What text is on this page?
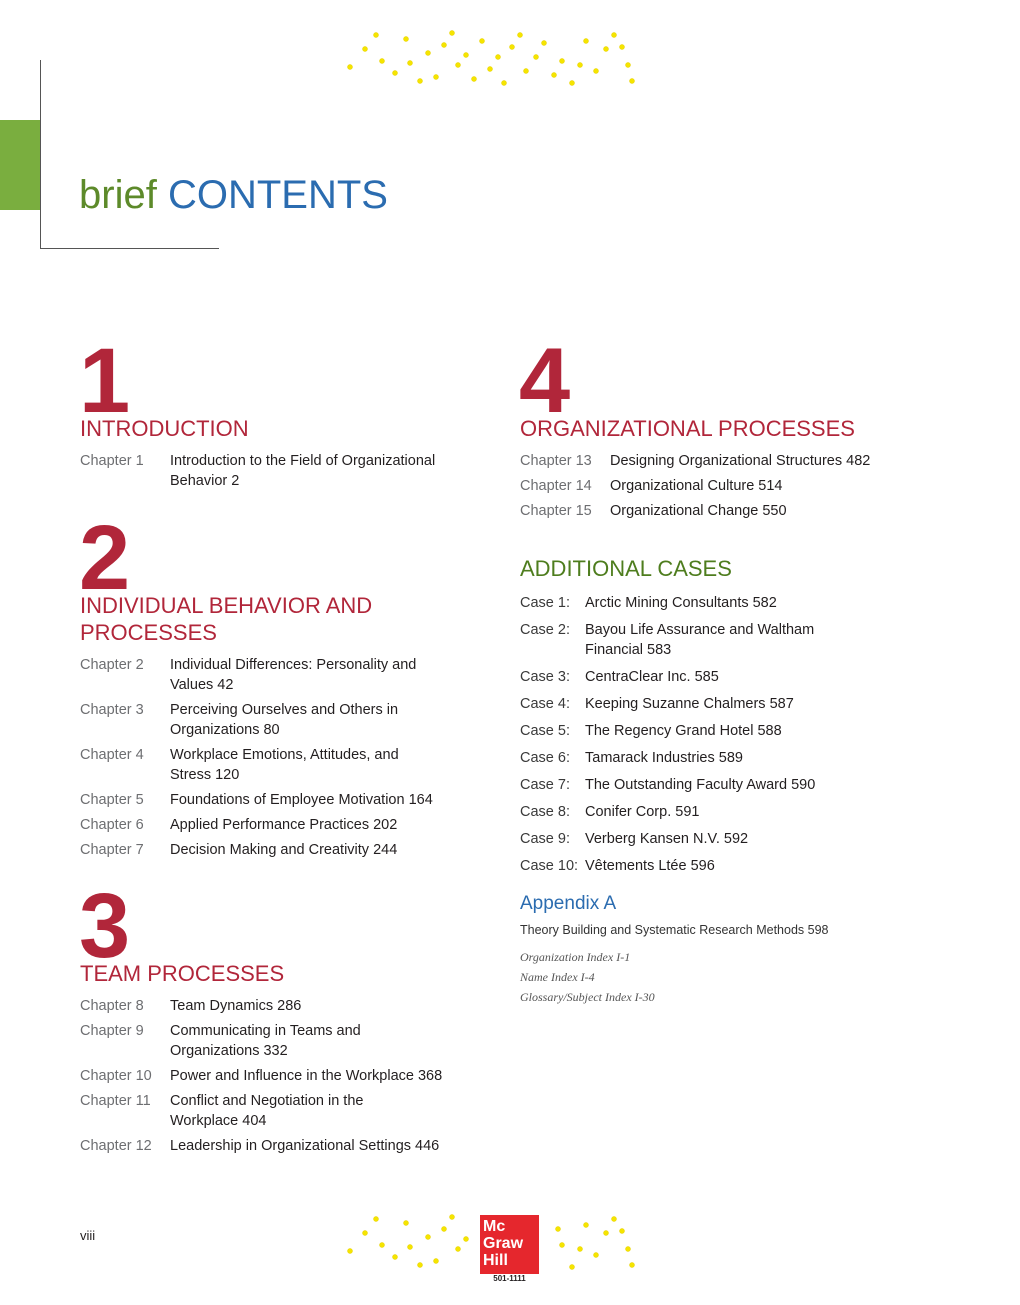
brief CONTENTS
1
INTRODUCTION
Chapter 1	Introduction to the Field of Organizational
Behavior 2
2
INDIVIDUAL BEHAVIOR AND
PROCESSES
Chapter 2	Individual Differences: Personality and
Values 42
Chapter 3	Perceiving Ourselves and Others in
Organizations 80
Chapter 4	Workplace Emotions, Attitudes, and
Stress 120
Chapter 5	Foundations of Employee Motivation 164
Chapter 6	Applied Performance Practices 202
Chapter 7	Decision Making and Creativity 244
3
TEAM PROCESSES
Chapter 8	Team Dynamics 286
Chapter 9	Communicating in Teams and
Organizations 332
Chapter 10	Power and Influence in the Workplace 368
Chapter 11	Conflict and Negotiation in the
Workplace 404
Chapter 12	Leadership in Organizational Settings 446
4
ORGANIZATIONAL PROCESSES
Chapter 13	Designing Organizational Structures 482
Chapter 14	Organizational Culture 514
Chapter 15	Organizational Change 550
ADDITIONAL CASES
Case 1:	Arctic Mining Consultants 582
Case 2:	Bayou Life Assurance and Waltham
Financial 583
Case 3:	CentraClear Inc. 585
Case 4:	Keeping Suzanne Chalmers 587
Case 5:	The Regency Grand Hotel 588
Case 6:	Tamarack Industries 589
Case 7:	The Outstanding Faculty Award 590
Case 8:	Conifer Corp. 591
Case 9:	Verberg Kansen N.V. 592
Case 10: Vêtements Ltée 596
Appendix A
Theory Building and Systematic Research Methods 598
Organization Index I-1
Name Index I-4
Glossary/Subject Index I-30
viii
Mc
Graw
Hill
501-1111
